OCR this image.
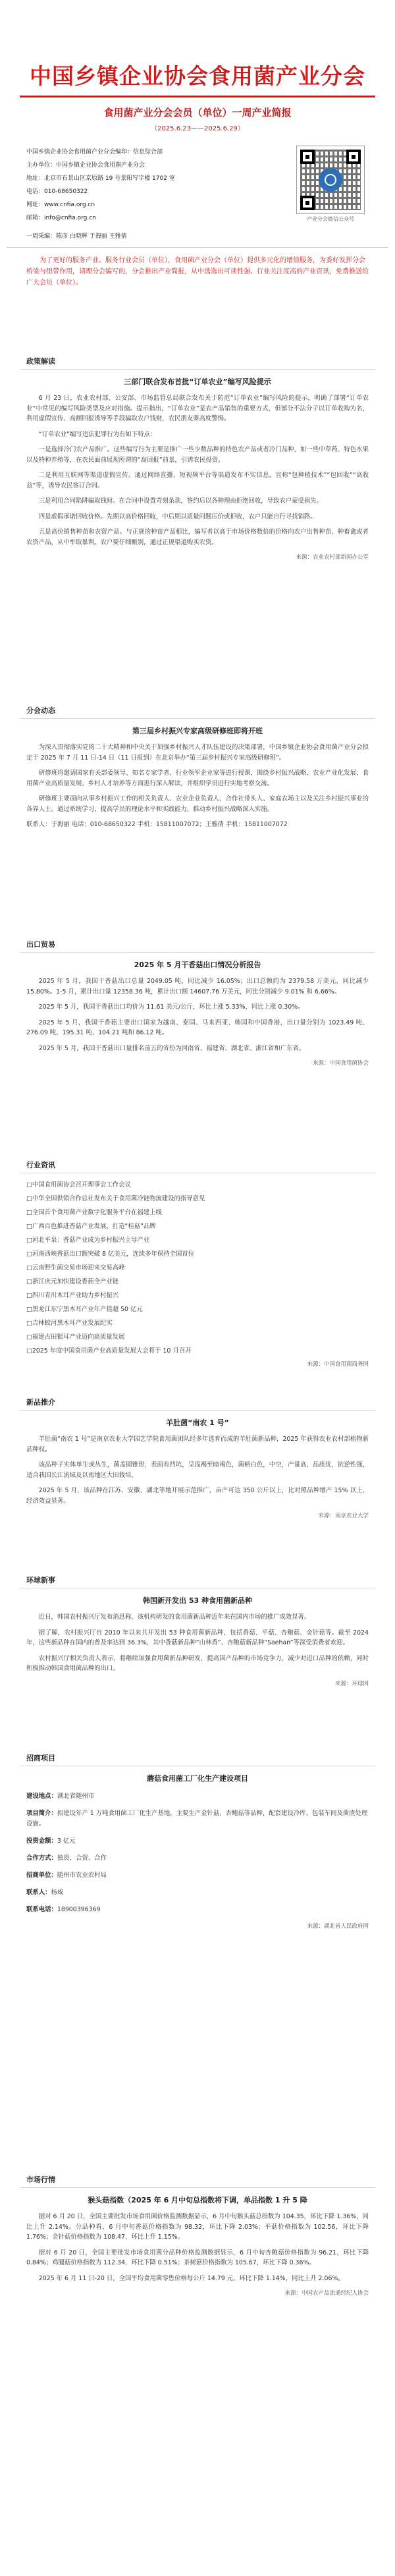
中国乡镇企业协会食用菌产业分会
食用菌产业分会会员（单位）一周产业简报
（2025.6.23——2025.6.29）
中国乡镇企业协会食用菌产业分会编印：信息综合部
主办单位：中国乡镇企业协会食用菌产业分会
地址：北京市石景山区京原路 19 号景阳写字楼 1702 室
电话：010-68650322
网址：www.cnfia.org.cn
邮箱：info@cnfia.org.cn
一周采编：陈彦 白晓辉 于海丽 王雅倩
产业分会微信公众号
为了更好的服务产业、服务行业会员（单位），食用菌产业分会（单位）提供多元化的增值服务，为委好发挥分会桥梁与纽带作用，请理分会编写的，分会推出产业简报，从中选选出可读性强、行业关注度高的产业资讯，免费推送给广大会员（单位）。
政策解读
三部门联合发布首批“订单农业”编写风险提示

6 月 23 日，农业农村部、公安部、市场监管总局联合发布关于防范“订单农业”编写风险的提示，明确了部署“订单农业”中常见的编写风险类型及应对措施。提示指出，“订单农业”是农产品销售的重要方式，但部分不法分子以订单收购为名，利用虚假宣传、高额回报诱导等手段骗取农户钱财，农民朋友要高度警惕。

“订单农业”编写违法犯罪行为有如下特点：

一是选择冷门农产品推广。这些编写行为主要是推广一些少数品种的特色农产品或者冷门品种，如一些中草药、特色水果以及特种养殖等，在农民面前展现所谓的“高回报”前景，引诱农民投资。

二是利用互联网等渠道虚假宣传。通过网络直播、短视频平台等渠道发布不实信息，宣称“包种植技术”“包回收”“高收益”等，诱导农民签订合同。

三是利用合同陷阱骗取钱财。在合同中设置苛刻条款，签约后以各种理由拒绝回收，导致农户蒙受损失。

四是虚假承诺回收价格。先期以高价格回收，中后期以质量问题压价或拒收，农户只能自行寻找销路。

五是高价销售种苗和农资产品。与正规的种苗产品相比，编写者以高于市场价格数倍的价格向农户出售种苗、种畜禽或者农资产品，从中牟取暴利。农户要仔细甄别，通过正规渠道购买农资。

来源：农业农村部新闻办公室
分会动态
第三届乡村振兴专家高级研修班即将开班

为深入贯彻落实党的二十大精神和中央关于加强乡村振兴人才队伍建设的决策部署，中国乡镇企业协会食用菌产业分会拟定于 2025 年 7 月 11 日-14 日（11 日报到）在北京举办“第三届乡村振兴专家高级研修班”。

研修班将邀请国家有关部委领导、知名专家学者、行业领军企业家等进行授课，围绕乡村振兴战略、农业产业化发展、食用菌产业高质量发展、乡村人才培养等方面进行深入解读，并组织学员进行实地考察交流。

研修班主要面向从事乡村振兴工作的相关负责人、农业企业负责人、合作社带头人、家庭农场主以及关注乡村振兴事业的各界人士。通过系统学习，提高学员的理论水平和实践能力，推动乡村振兴战略深入实施。

联系人：于海丽 电话：010-68650322 手机：15811007072；王雅倩 手机：15811007072

出口贸易
2025 年 5 月干香菇出口情况分析报告

2025 年 5 月，我国干香菇出口总量 2049.05 吨，同比减少 16.05%；出口总额约为 2379.58 万美元，同比减少 15.80%。1-5 月，累计出口量 12358.36 吨，累计出口额 14607.76 万美元，同比分别减少 9.01% 和 6.66%。

2025 年 5 月，我国干香菇出口均价为 11.61 美元/公斤，环比上涨 5.33%，同比上涨 0.30%。

2025 年 5 月，我国干香菇主要出口国家为越南、泰国、马来西亚、韩国和中国香港，出口量分别为 1023.49 吨、276.09 吨、195.31 吨、104.21 吨和 86.12 吨。

2025 年 5 月，我国干香菇出口量排名前五的省份为河南省、福建省、湖北省、浙江省和广东省。

来源：中国食用菌协会
行业资讯

□中国食用菌协会召开理事会工作会议

□中华全国供销合作总社发布关于食用菌冷链物流建设的指导意见

□全国首个食用菌产业数字化服务平台在福建上线

□广西百色推进香菇产业发展，打造“桂菇”品牌

□河北平泉：香菇产业成为乡村振兴主导产业

□河南西峡香菇出口额突破 8 亿美元，连续多年保持全国首位

□云南野生菌交易市场迎来交易高峰

□浙江庆元加快建设香菇全产业链

□四川青川木耳产业助力乡村振兴

□黑龙江东宁黑木耳产业年产值超 50 亿元

□吉林蛟河黑木耳产业发展纪实

□福建古田银耳产业迈向高质量发展

□2025 年度中国食用菌产业高质量发展大会将于 10 月召开

来源：中国食用菌商务网
新品推介
羊肚菌“南农 1 号”

羊肚菌“南农 1 号”是南京农业大学园艺学院食用菌团队经多年选育而成的羊肚菌新品种，2025 年获得农业农村部植物新品种权。

该品种子实体单生或丛生，菌盖圆锥形，表面有凹坑，呈浅褐至暗褐色，菌柄白色，中空，产量高，品质优，抗逆性强，适合我国长江流域及以南地区大田栽培。

2025 年 5 月，该品种在江苏、安徽、湖北等地开展示范推广，亩产可达 350 公斤以上，比对照品种增产 15% 以上，经济效益显著。

来源：南京农业大学
环球新事
韩国新开发出 53 种食用菌新品种

近日，韩国农村振兴厅发布消息称，该机构研发的食用菌新品种近年来在国内市场的推广成效显著。

据了解，农村振兴厅自 2010 年以来共开发出 53 种食用菌新品种，包括香菇、平菇、杏鲍菇、金针菇等。截至 2024 年，这些新品种在国内的普及率达到 36.3%，其中香菇新品种“山林香”、杏鲍菇新品种“Saehan”等深受消费者欢迎。

农村振兴厅相关负责人表示，将继续加强食用菌新品种研发，提高国产品种的市场竞争力，减少对进口品种的依赖，同时积极推动韩国食用菌品种的出口。

来源：环球网
招商项目
蘑菇食用菌工厂化生产建设项目

建设地点：湖北省随州市

项目简介：拟建设年产 1 万吨食用菌工厂化生产基地，主要生产金针菇、杏鲍菇等品种，配套建设冷库、包装车间及菌渣处理设施。

投资金额：3 亿元

合作方式：独资、合资、合作

招商单位：随州市农业农村局

联系人：杨威

联系电话：18900396369

来源：湖北省人民政府网
市场行情
猴头菇指数（2025 年 6 月中旬总指数将下调，单品指数 1 升 5 降

据对 6 月 20 日，全国主要批发市场食用菌价格监测数据显示，6 月中旬猴头菇总指数为 104.35，环比下降 1.36%，同比上升 2.14%。分品种看，6 月中旬香菇价格指数为 98.32，环比下降 2.03%；平菇价格指数为 102.56，环比下降 1.76%；金针菇价格指数为 108.47，环比上升 1.15%。

据对 6 月 20 日，全国主要批发市场食用菌分品种价格监测数据显示，6 月中旬杏鲍菇价格指数为 96.21，环比下降 0.84%；鸡腿菇价格指数为 112.34，环比下降 0.51%；茶树菇价格指数为 105.67，环比下降 0.36%。

2025 年 6 月 11 日-20 日，全国平均食用菌零售价格每公斤 14.79 元，环比下降 1.14%，同比上升 2.06%。

来源：中国农产品流通经纪人协会
